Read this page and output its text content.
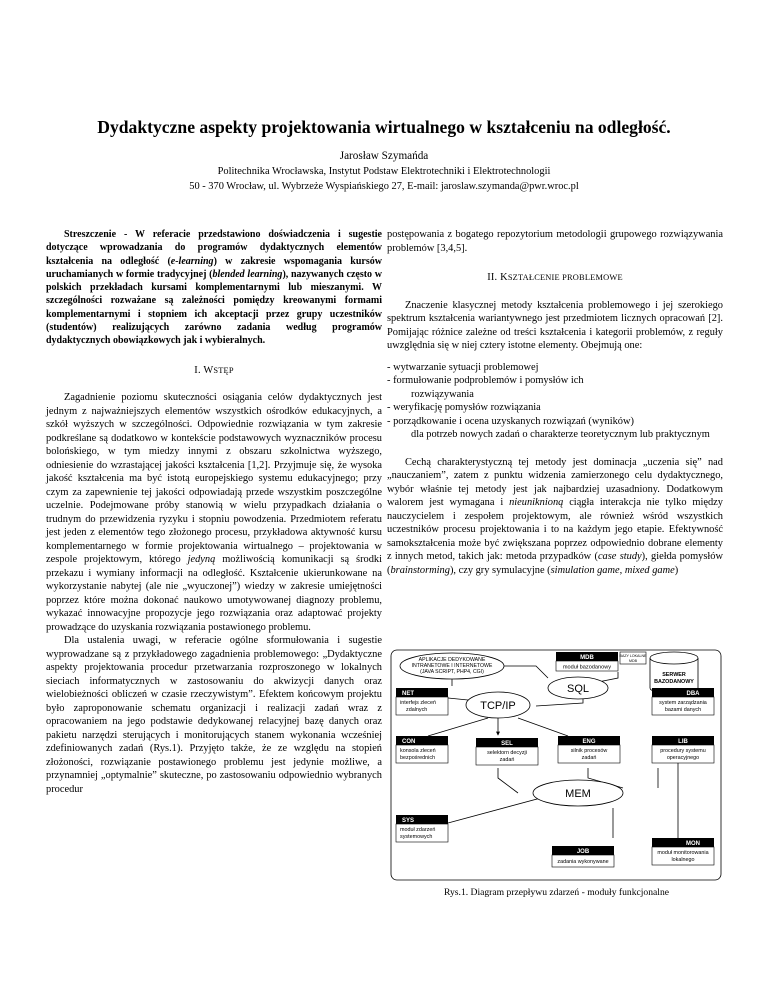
Dydaktyczne aspekty projektowania wirtualnego w kształceniu na odległość.
Jarosław Szymańda
Politechnika Wrocławska, Instytut Podstaw Elektrotechniki i Elektrotechnologii
50 - 370 Wrocław, ul. Wybrzeże Wyspiańskiego 27, E-mail: jaroslaw.szymanda@pwr.wroc.pl

Streszczenie - W referacie przedstawiono doświadczenia i sugestie dotyczące wprowadzania do programów dydaktycznych elementów kształcenia na odległość (e-learning) w zakresie wspomagania kursów uruchamianych w formie tradycyjnej (blended learning), nazywanych często w polskich przekładach kursami komplementarnymi lub mieszanymi. W szczególności rozważane są zależności pomiędzy kreowanymi formami komplementarnymi i stopniem ich akceptacji przez grupy uczestników (studentów) realizujących zarówno zadania według programów dydaktycznych obowiązkowych jak i wybieralnych.

I. WSTĘP

Zagadnienie poziomu skuteczności osiągania celów dydaktycznych jest jednym z najważniejszych elementów wszystkich ośrodków edukacyjnych, a szkół wyższych w szczególności. Odpowiednie rozwiązania w tym zakresie podkreślane są dodatkowo w kontekście podstawowych wyznaczników procesu bolońskiego, w tym miedzy innymi z obszaru szkolnictwa wyższego, odniesienie do wzrastającej jakości kształcenia [1,2]. Przyjmuje się, że wysoka jakość kształcenia ma być istotą europejskiego systemu edukacyjnego; przy czym za zapewnienie tej jakości odpowiadają przede wszystkim poszczególne uczelnie. Podejmowane próby stanowią w wielu przypadkach działania o trudnym do przewidzenia ryzyku i stopniu powodzenia. Przedmiotem referatu jest jeden z elementów tego złożonego procesu, przykładowa aktywność kursu komplementarnego w formie projektowania wirtualnego – projektowania w zespole projektowym, którego jedyną możliwością komunikacji są środki przekazu i wymiany informacji na odległość. Kształcenie ukierunkowane na wykorzystanie nabytej (ale nie „wyuczonej”) wiedzy w zakresie umiejętności poprzez które można dokonać naukowo umotywowanej diagnozy problemu, wykazać innowacyjne propozycje jego rozwiązania oraz adaptować projekty prowadzące do uzyskania rozwiązania postawionego problemu.

Dla ustalenia uwagi, w referacie ogólne sformułowania i sugestie wyprowadzane są z przykładowego zagadnienia problemowego: „Dydaktyczne aspekty projektowania procedur przetwarzania rozproszonego w lokalnych sieciach informatycznych w zastosowaniu do akwizycji danych oraz wielobieżności obliczeń w czasie rzeczywistym”. Efektem końcowym projektu było zaproponowanie schematu organizacji i realizacji zadań wraz z opracowaniem na jego podstawie dedykowanej relacyjnej bazę danych oraz pakietu narzędzi sterujących i monitorujących stanem wykonania wcześniej zdefiniowanych zadań (Rys.1). Przyjęto także, że ze względu na stopień złożoności, rozwiązanie postawionego problemu jest jedynie możliwe, a przynamniej „optymalnie” skuteczne, po zastosowaniu odpowiednio wybranych procedur

postępowania z bogatego repozytorium metodologii grupowego rozwiązywania problemów [3,4,5].

II. KSZTAŁCENIE PROBLEMOWE

Znaczenie klasycznej metody kształcenia problemowego i jej szerokiego spektrum kształcenia wariantywnego jest przedmiotem licznych opracowań [2]. Pomijając różnice zależne od treści kształcenia i kategorii problemów, z reguły uwzględnia się w niej cztery istotne elementy. Obejmują one:

- wytwarzanie sytuacji problemowej
- formułowanie podproblemów i pomysłów ich
rozwiązywania
- weryfikację pomysłów rozwiązania
- porządkowanie i ocena uzyskanych rozwiązań (wyników)
dla potrzeb nowych zadań o charakterze teoretycznym lub praktycznym

Cechą charakterystyczną tej metody jest dominacja „uczenia się” nad „nauczaniem”, zatem z punktu widzenia zamierzonego celu dydaktycznego, wybór właśnie tej metody jest jak najbardziej uzasadniony. Dodatkowym walorem jest wymagana i nieuniknioną ciągła interakcja nie tylko między nauczycielem i zespołem projektowym, ale również wśród wszystkich uczestników procesu projektowania i to na każdym jego etapie. Efektywność samokształcenia może być zwiększana poprzez odpowiednio dobrane elementy z innych metod, takich jak: metoda przypadków (case study), giełda pomysłów (brainstorming), czy gry symulacyjne (simulation game, mixed game)

APLIKACJE DEDYKOWANE
INTRANETOWE I INTERNETOWE
(JAVA SCRIPT, PHP4, CGI)
MDB
moduł bazodanowy
BAZY LOKALNE
MDB
SERWER
BAZODANOWY
NET
interfejs zleceń
zdalnych
SQL
TCP/IP
DBA
system zarządzania
bazami danych
CON
konsola zleceń
bezpośrednich
SEL
selektorn decyzji
zadań
ENG
silnik procesów
zadań
LIB
procedury systemu
operacyjnego
MEM
SYS
moduł zdarzeń
systemowych
MON
moduł monitorowania
lokalnego
JOB
zadania wykonywane
Rys.1. Diagram przepływu zdarzeń - moduły funkcjonalne
